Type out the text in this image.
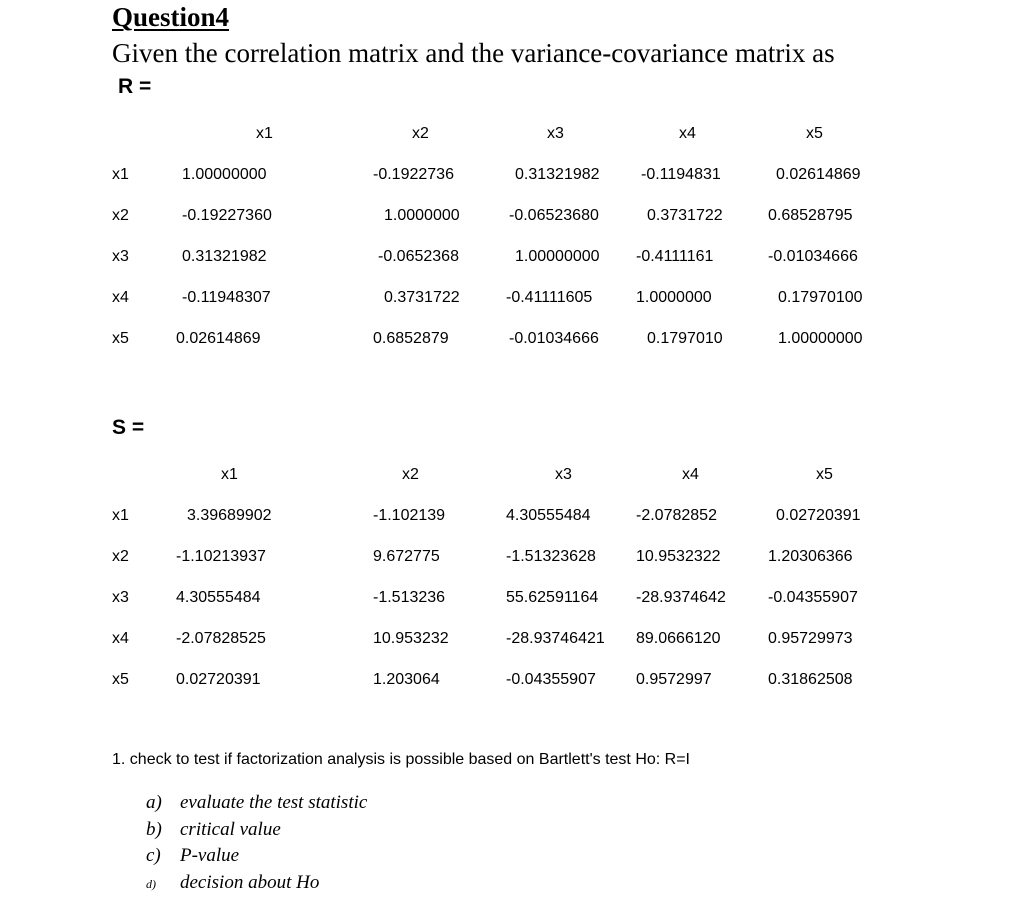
Question4
Given the correlation matrix and the variance-covariance matrix as
R =
x1	x2	x3	x4	x5
x1	1.00000000	-0.1922736	0.31321982	-0.1194831	0.02614869
x2	-0.19227360	1.0000000	-0.06523680	0.3731722	0.68528795
x3	0.31321982	-0.0652368	1.00000000 -0.4111161	-0.01034666
x4	-0.11948307	0.3731722	-0.41111605	1.0000000	0.17970100
x5	0.02614869	0.6852879	-0.01034666	0.1797010	1.00000000
S =
x1	x2	x3	x4	x5
x1	3.39689902	-1.102139	4.30555484	-2.0782852	0.02720391
x2	-1.10213937	9.672775	-1.51323628	10.9532322	1.20306366
x3	4.30555484	-1.513236	55.62591164 -28.9374642	-0.04355907
x4	-2.07828525	10.953232	-28.93746421 89.0666120	0.95729973
x5	0.02720391	1.203064	-0.04355907	0.9572997	0.31862508
1. check to test if factorization analysis is possible based on Bartlett's test Ho: R=I
a) evaluate the test statistic
b) critical value
c) P-value
d) decision about Ho
